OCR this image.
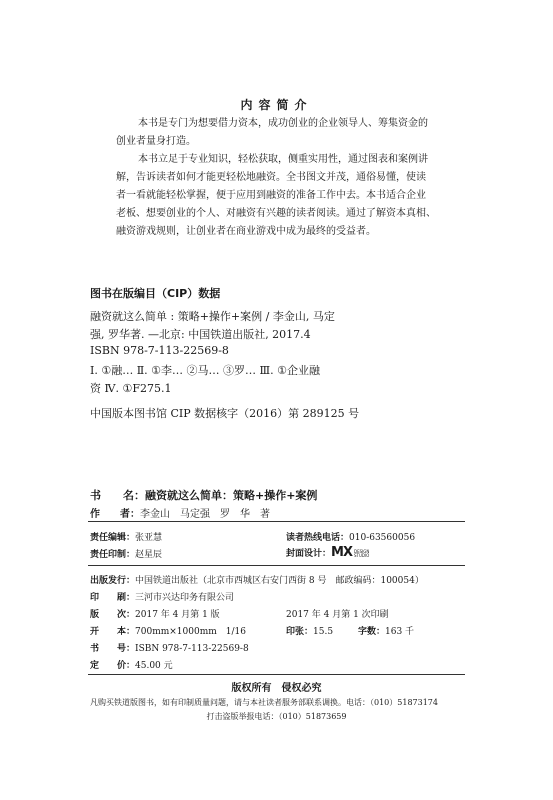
内容简介
本书是专门为想要借力资本，成功创业的企业领导人、筹集资金的
创业者量身打造。
本书立足于专业知识，轻松获取，侧重实用性，通过图表和案例讲
解，告诉读者如何才能更轻松地融资。全书图文并茂，通俗易懂，使读
者一看就能轻松掌握，便于应用到融资的准备工作中去。本书适合企业
老板、想要创业的个人、对融资有兴趣的读者阅读。通过了解资本真相、
融资游戏规则，让创业者在商业游戏中成为最终的受益者。
图书在版编目（CIP）数据
融资就这么简单 : 策略+操作+案例 / 李金山, 马定
强, 罗华著. —北京: 中国铁道出版社, 2017.4
ISBN 978-7-113-22569-8
Ⅰ. ①融… Ⅱ. ①李… ②马… ③罗… Ⅲ. ①企业融
资 Ⅳ. ①F275.1
中国版本图书馆 CIP 数据核字（2016）第 289125 号
书　　名：融资就这么简单：策略+操作+案例
作　　者：李金山　马定强　罗　华　著
责任编辑：张亚慧	读者热线电话：010-63560056
责任印制：赵星辰	封面设计：MX DESIGN
STUDIO
出版发行：中国铁道出版社（北京市西城区右安门西街 8 号　邮政编码：100054）
印　　刷：三河市兴达印务有限公司
版　　次：2017 年 4 月第 1 版	2017 年 4 月第 1 次印刷
开　　本：700mm×1000mm　1/16	印张：15.5	字数：163 千
书　　号：ISBN 978-7-113-22569-8
定　　价：45.00 元
版权所有　侵权必究
凡购买铁道版图书，如有印制质量问题，请与本社读者服务部联系调换。电话：（010）51873174
打击盗版举报电话：（010）51873659
